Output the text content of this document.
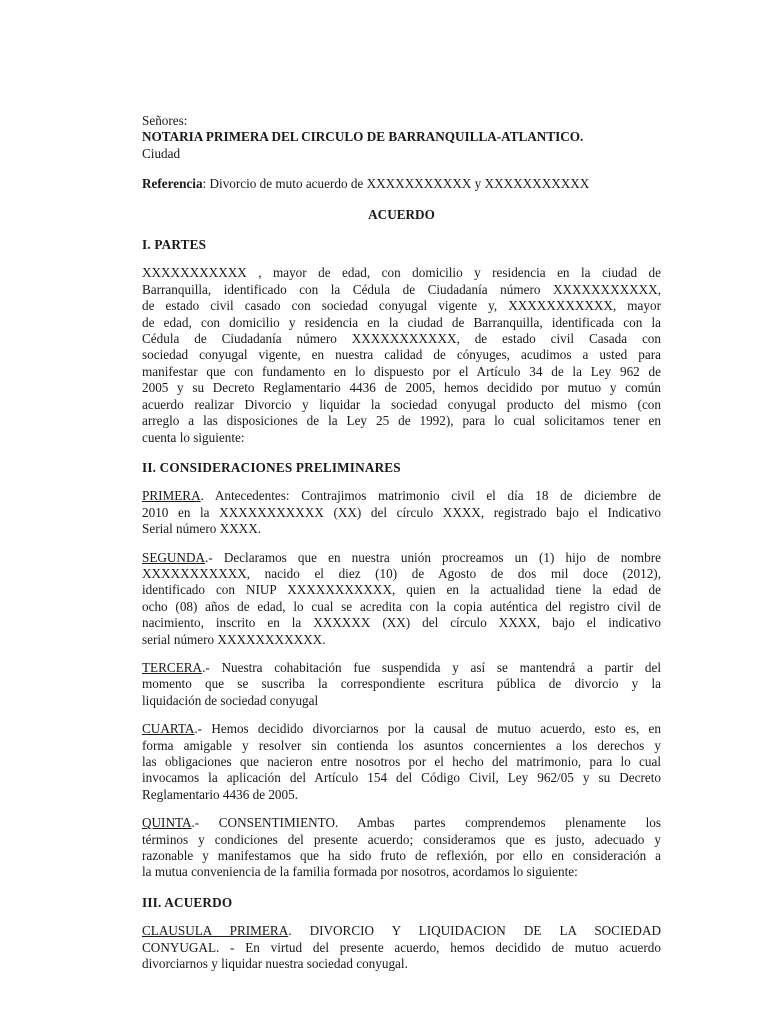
Señores:

NOTARIA PRIMERA DEL CIRCULO DE BARRANQUILLA-ATLANTICO.

Ciudad

Referencia: Divorcio de muto acuerdo de XXXXXXXXXXX y XXXXXXXXXXX

ACUERDO

I. PARTES

XXXXXXXXXXX , mayor de edad, con domicilio y residencia en la ciudad de
Barranquilla, identificado con la Cédula de Ciudadanía número XXXXXXXXXXX,
de estado civil casado con sociedad conyugal vigente y, XXXXXXXXXXX, mayor
de edad, con domicilio y residencia en la ciudad de Barranquilla, identificada con la
Cédula de Ciudadanía número XXXXXXXXXXX, de estado civil Casada con
sociedad conyugal vigente, en nuestra calidad de cónyuges, acudimos a usted para
manifestar que con fundamento en lo dispuesto por el Artículo 34 de la Ley 962 de
2005 y su Decreto Reglamentario 4436 de 2005, hemos decidido por mutuo y común
acuerdo realizar Divorcio y liquidar la sociedad conyugal producto del mismo (con
arreglo a las disposiciones de la Ley 25 de 1992), para lo cual solicitamos tener en
cuenta lo siguiente:

II. CONSIDERACIONES PRELIMINARES

PRIMERA. Antecedentes: Contrajimos matrimonio civil el día 18 de diciembre de
2010 en la XXXXXXXXXXX (XX) del círculo XXXX, registrado bajo el Indicativo
Serial número XXXX.
SEGUNDA.- Declaramos que en nuestra unión procreamos un (1) hijo de nombre
XXXXXXXXXXX, nacido el diez (10) de Agosto de dos mil doce (2012),
identificado con NIUP XXXXXXXXXXX, quien en la actualidad tiene la edad de
ocho (08) años de edad, lo cual se acredita con la copia auténtica del registro civil de
nacimiento, inscrito en la XXXXXX (XX) del círculo XXXX, bajo el indicativo
serial número XXXXXXXXXXX.
TERCERA.- Nuestra cohabitación fue suspendida y así se mantendrá a partir del
momento que se suscriba la correspondiente escritura pública de divorcio y la
liquidación de sociedad conyugal
CUARTA.- Hemos decidido divorciarnos por la causal de mutuo acuerdo, esto es, en
forma amigable y resolver sin contienda los asuntos concernientes a los derechos y
las obligaciones que nacieron entre nosotros por el hecho del matrimonio, para lo cual
invocamos la aplicación del Artículo 154 del Código Civil, Ley 962/05 y su Decreto
Reglamentario 4436 de 2005.
QUINTA.- CONSENTIMIENTO. Ambas partes comprendemos plenamente los
términos y condiciones del presente acuerdo; consideramos que es justo, adecuado y
razonable y manifestamos que ha sido fruto de reflexión, por ello en consideración a
la mutua conveniencia de la familia formada por nosotros, acordamos lo siguiente:

III. ACUERDO

CLAUSULA PRIMERA. DIVORCIO Y LIQUIDACION DE LA SOCIEDAD
CONYUGAL. - En virtud del presente acuerdo, hemos decidido de mutuo acuerdo
divorciarnos y liquidar nuestra sociedad conyugal.
